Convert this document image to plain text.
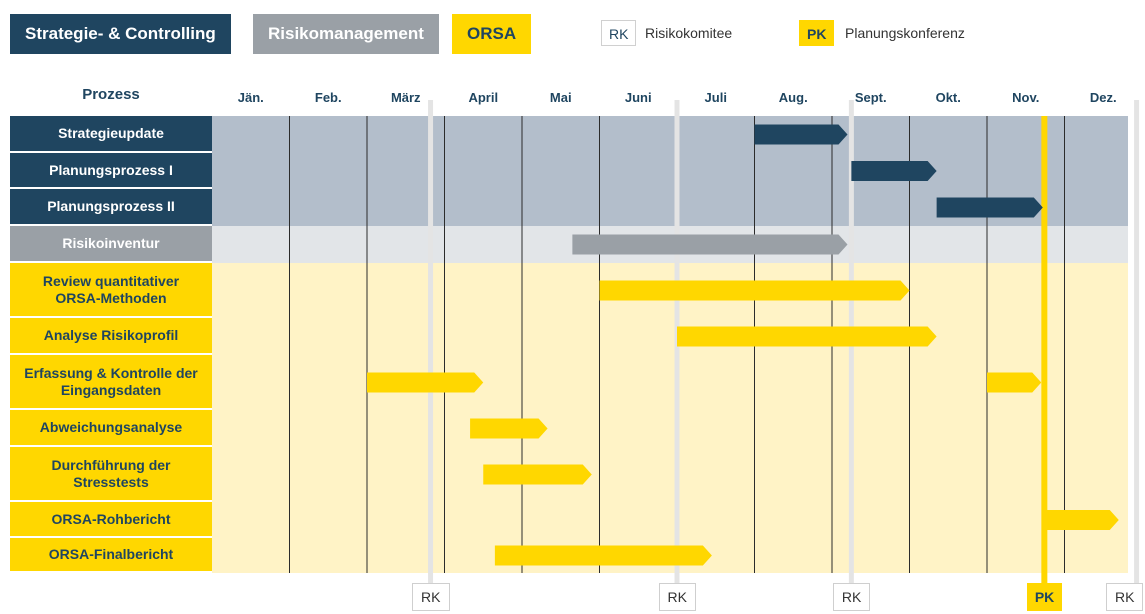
Strategie- & Controlling	Risikomanagement	ORSA	RK	Risikokomitee	PK	Planungskonferenz
Prozess	Jän.	Feb.	März	April	Mai	Juni	Juli	Aug.	Sept.	Okt.	Nov.	Dez.
Strategieupdate
Planungsprozess I
Planungsprozess II
Risikoinventur
Review quantitativer ORSA-Methoden
Analyse Risikoprofil
Erfassung & Kontrolle der Eingangsdaten
Abweichungsanalyse
Durchführung der Stresstests
ORSA-Rohbericht
ORSA-Finalbericht
RK	RK	RK	PK	RK
